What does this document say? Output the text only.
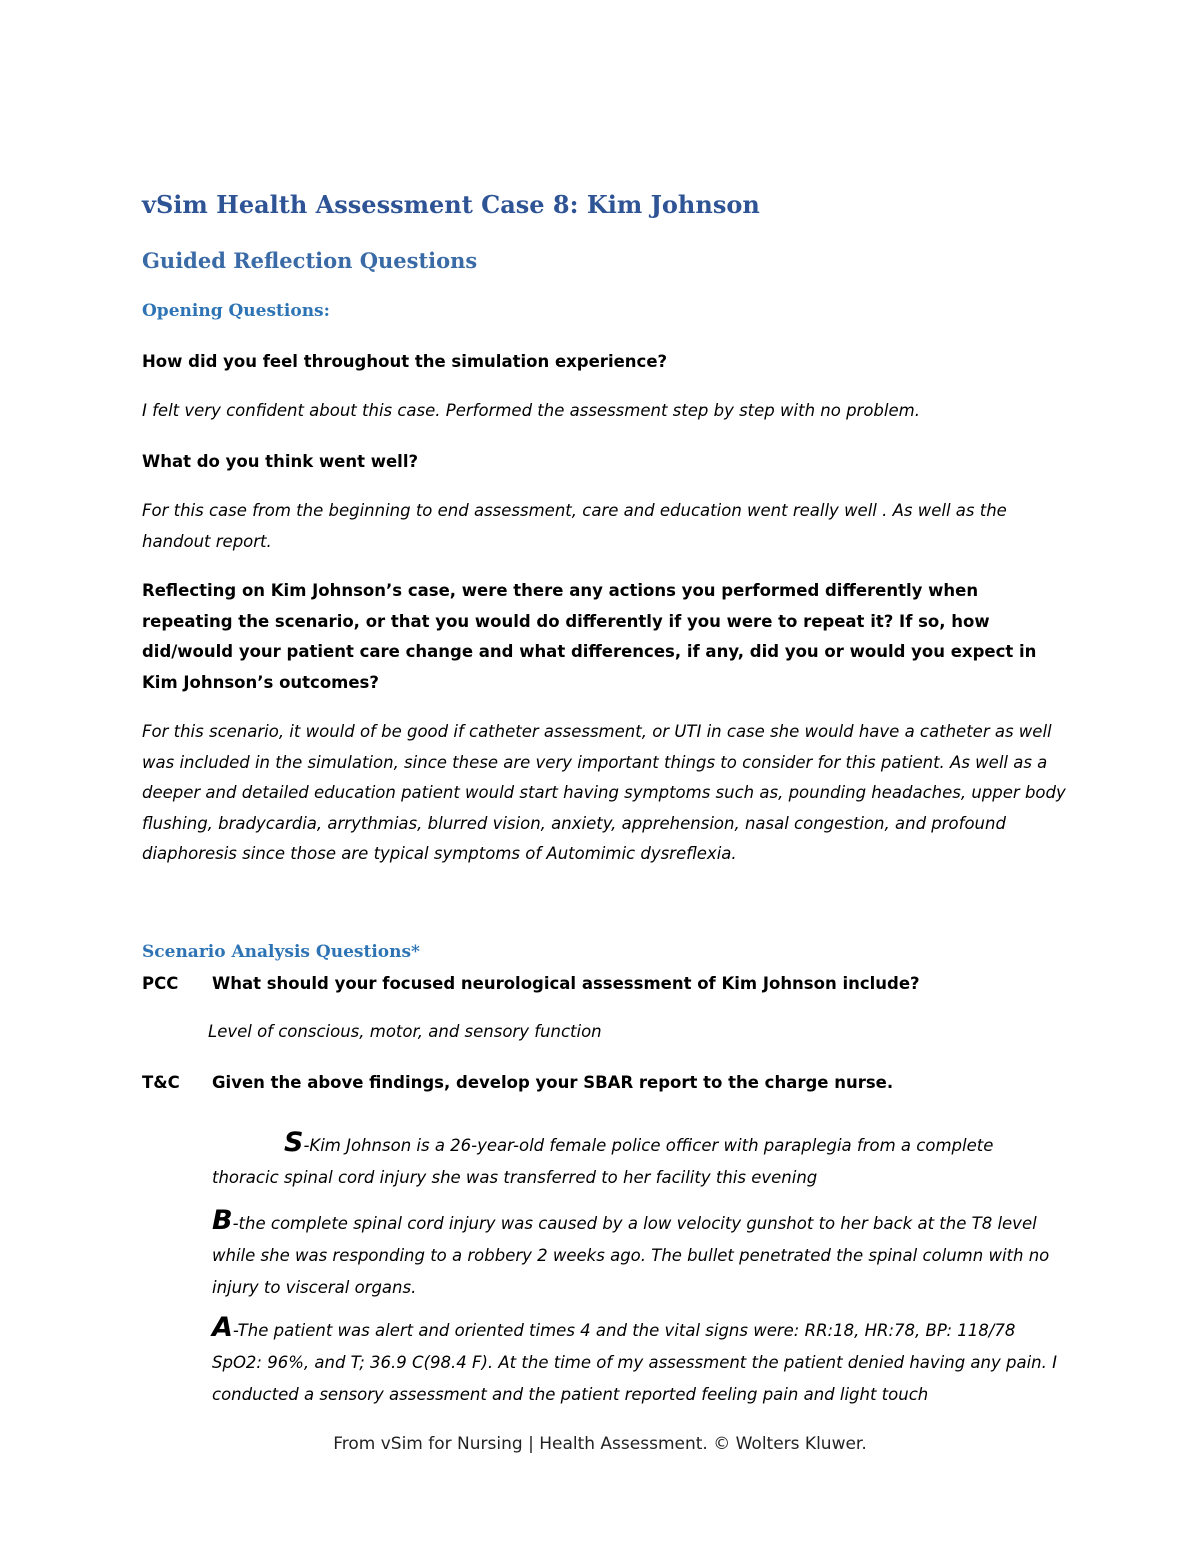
vSim Health Assessment Case 8: Kim Johnson
Guided Reflection Questions
Opening Questions:

How did you feel throughout the simulation experience?

I felt very confident about this case. Performed the assessment step by step with no problem.

What do you think went well?

For this case from the beginning to end assessment, care and education went really well . As well as the handout report.

Reflecting on Kim Johnson’s case, were there any actions you performed differently when repeating the scenario, or that you would do differently if you were to repeat it? If so, how did/would your patient care change and what differences, if any, did you or would you expect in Kim Johnson’s outcomes?

For this scenario, it would of be good if catheter assessment, or UTI in case she would have a catheter as well was included in the simulation, since these are very important things to consider for this patient. As well as a deeper and detailed education patient would start having symptoms such as, pounding headaches, upper body flushing, bradycardia, arrythmias, blurred vision, anxiety, apprehension, nasal congestion, and profound diaphoresis since those are typical symptoms of Automimic dysreflexia.

Scenario Analysis Questions*

PCC What should your focused neurological assessment of Kim Johnson include?

Level of conscious, motor, and sensory function

T&C Given the above findings, develop your SBAR report to the charge nurse.

S-Kim Johnson is a 26-year-old female police officer with paraplegia from a complete thoracic spinal cord injury she was transferred to her facility this evening
B-the complete spinal cord injury was caused by a low velocity gunshot to her back at the T8 level while she was responding to a robbery 2 weeks ago. The bullet penetrated the spinal column with no injury to visceral organs.
A-The patient was alert and oriented times 4 and the vital signs were: RR:18, HR:78, BP: 118/78 SpO2: 96%, and T; 36.9 C(98.4 F). At the time of my assessment the patient denied having any pain. I conducted a sensory assessment and the patient reported feeling pain and light touch

From vSim for Nursing | Health Assessment. © Wolters Kluwer.
